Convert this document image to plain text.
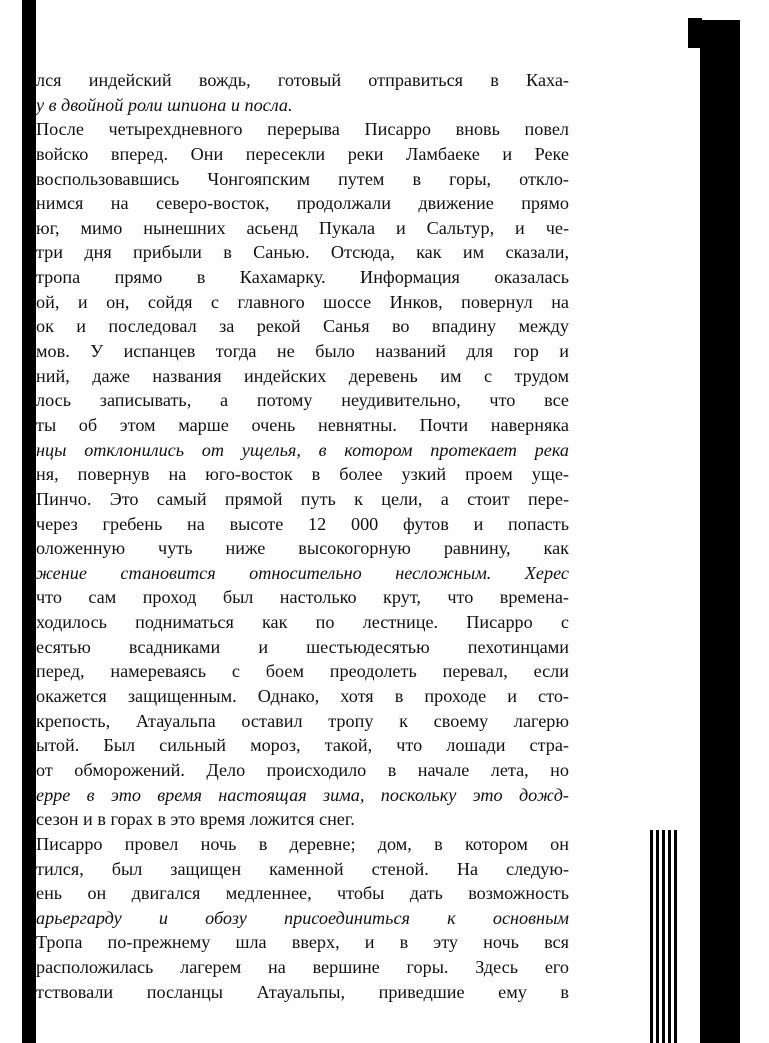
лся индейский вождь, готовый отправиться в Каха-
у в двойной роли шпиона и посла.
После четырехдневного перерыва Писарро вновь повел
войско вперед. Они пересекли реки Ламбаеке и Реке
воспользовавшись Чонгояпским путем в горы, откло-
нимся на северо-восток, продолжали движение прямо
юг, мимо нынешних асьенд Пукала и Сальтур, и че-
три дня прибыли в Санью. Отсюда, как им сказали,
тропа прямо в Кахамарку. Информация оказалась
ой, и он, сойдя с главного шоссе Инков, повернул на
ок и последовал за рекой Санья во впадину между
мов. У испанцев тогда не было названий для гор и
ний, даже названия индейских деревень им с трудом
лось записывать, а потому неудивительно, что все
ты об этом марше очень невнятны. Почти наверняка
нцы отклонились от ущелья, в котором протекает река
ня, повернув на юго-восток в более узкий проем уще-
Пинчо. Это самый прямой путь к цели, а стоит пере-
через гребень на высоте 12 000 футов и попасть
оложенную чуть ниже высокогорную равнину, как
жение становится относительно несложным. Херес
что сам проход был настолько крут, что времена-
ходилось подниматься как по лестнице. Писарро с
есятью всадниками и шестьюдесятью пехотинцами
перед, намереваясь с боем преодолеть перевал, если
окажется защищенным. Однако, хотя в проходе и сто-
крепость, Атауальпа оставил тропу к своему лагерю
ытой. Был сильный мороз, такой, что лошади стра-
от обморожений. Дело происходило в начале лета, но
ерре в это время настоящая зима, поскольку это дожд-
сезон и в горах в это время ложится снег.
Писарро провел ночь в деревне; дом, в котором он
тился, был защищен каменной стеной. На следую-
ень он двигался медленнее, чтобы дать возможность
арьергарду и обозу присоединиться к основным
Тропа по-прежнему шла вверх, и в эту ночь вся
расположилась лагерем на вершине горы. Здесь его
тствовали посланцы Атауальпы, приведшие ему в
